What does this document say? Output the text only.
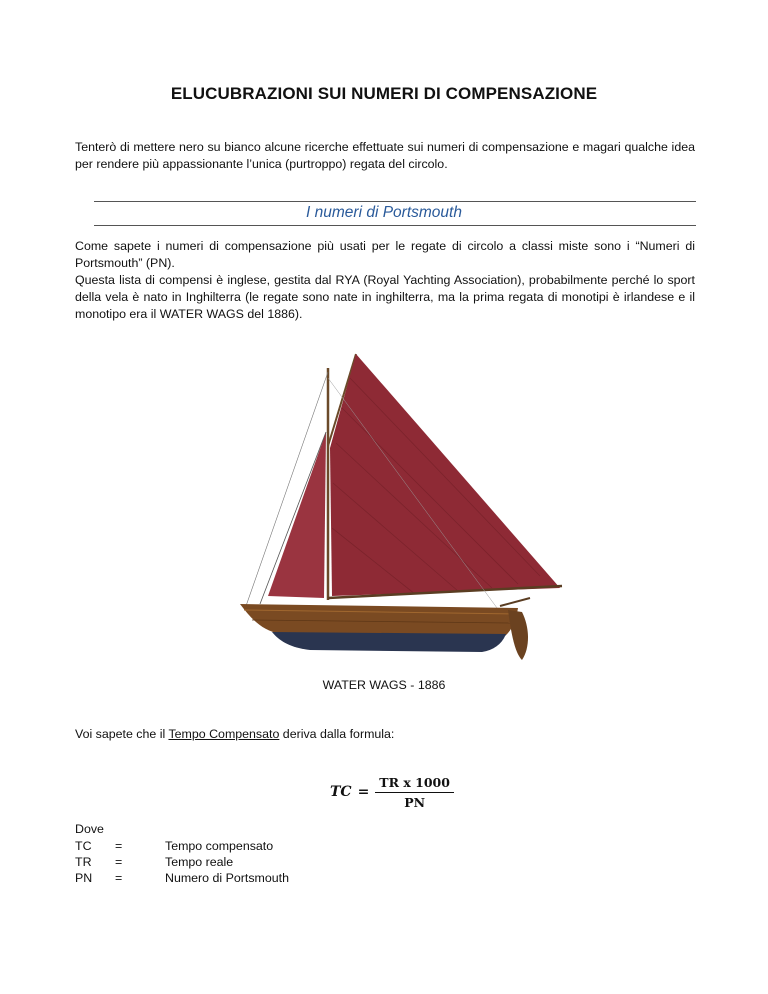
ELUCUBRAZIONI SUI NUMERI DI COMPENSAZIONE
Tenterò di mettere nero su bianco alcune ricerche effettuate sui numeri di compensazione e magari qualche idea per rendere più appassionante l’unica (purtroppo) regata del circolo.
I numeri di Portsmouth

Come sapete i numeri di compensazione più usati per le regate di circolo a classi miste sono i “Numeri di Portsmouth” (PN).

Questa lista di compensi è inglese, gestita dal RYA (Royal Yachting Association), probabilmente perché lo sport della vela è nato in Inghilterra (le regate sono nate in inghilterra, ma la prima regata di monotipi è irlandese e il monotipo era il WATER WAGS del 1886).

WATER WAGS - 1886
Voi sapete che il Tempo Compensato deriva dalla formula:
TC = $\frac{\text{TR x 1000}}{PN}$
Dove
TC	=	Tempo compensato
TR	=	Tempo reale
PN	=	Numero di Portsmouth
